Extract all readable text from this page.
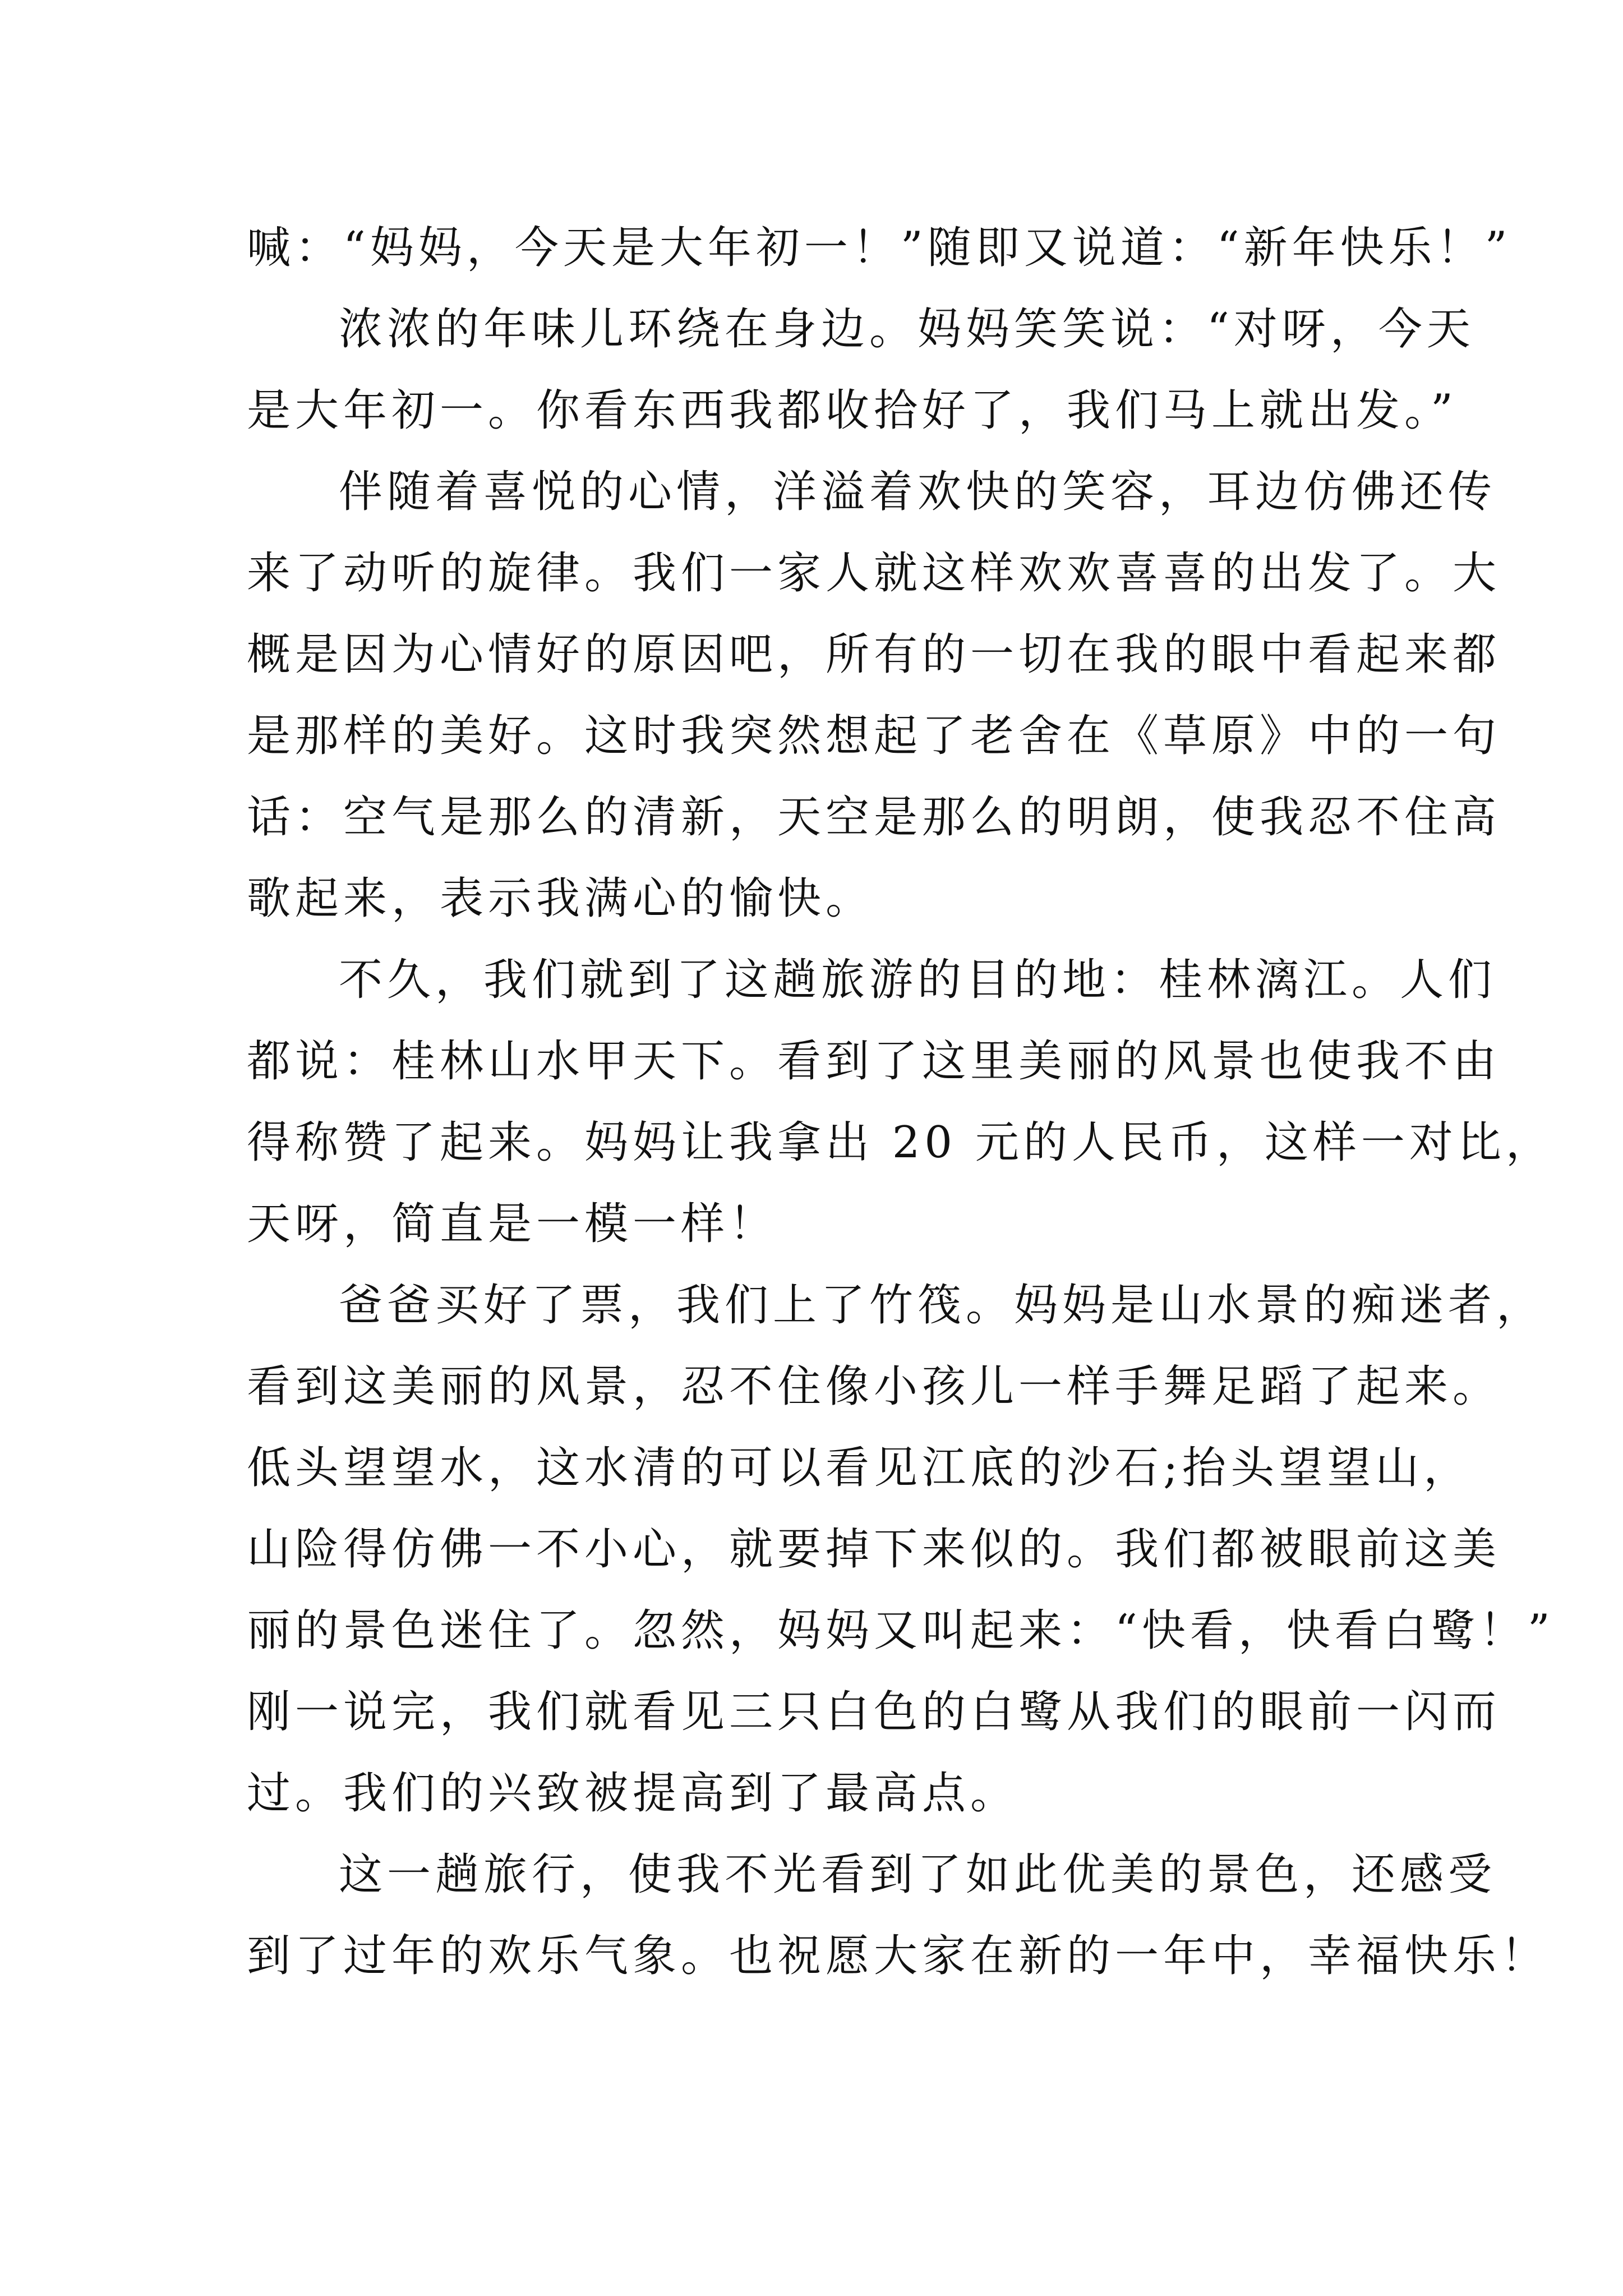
喊：“妈妈，今天是大年初一！”随即又说道：“新年快乐！”
浓浓的年味儿环绕在身边。妈妈笑笑说：“对呀，今天
是大年初一。你看东西我都收拾好了，我们马上就出发。”
伴随着喜悦的心情，洋溢着欢快的笑容，耳边仿佛还传
来了动听的旋律。我们一家人就这样欢欢喜喜的出发了。大
概是因为心情好的原因吧，所有的一切在我的眼中看起来都
是那样的美好。这时我突然想起了老舍在《草原》中的一句
话：空气是那么的清新，天空是那么的明朗，使我忍不住高
歌起来，表示我满心的愉快。
不久，我们就到了这趟旅游的目的地：桂林漓江。人们
都说：桂林山水甲天下。看到了这里美丽的风景也使我不由
得称赞了起来。妈妈让我拿出 20 元的人民币，这样一对比，
天呀，简直是一模一样！
爸爸买好了票，我们上了竹筏。妈妈是山水景的痴迷者，
看到这美丽的风景，忍不住像小孩儿一样手舞足蹈了起来。
低头望望水，这水清的可以看见江底的沙石;抬头望望山，
山险得仿佛一不小心，就要掉下来似的。我们都被眼前这美
丽的景色迷住了。忽然，妈妈又叫起来：“快看，快看白鹭！”
刚一说完，我们就看见三只白色的白鹭从我们的眼前一闪而
过。我们的兴致被提高到了最高点。
这一趟旅行，使我不光看到了如此优美的景色，还感受
到了过年的欢乐气象。也祝愿大家在新的一年中，幸福快乐！
